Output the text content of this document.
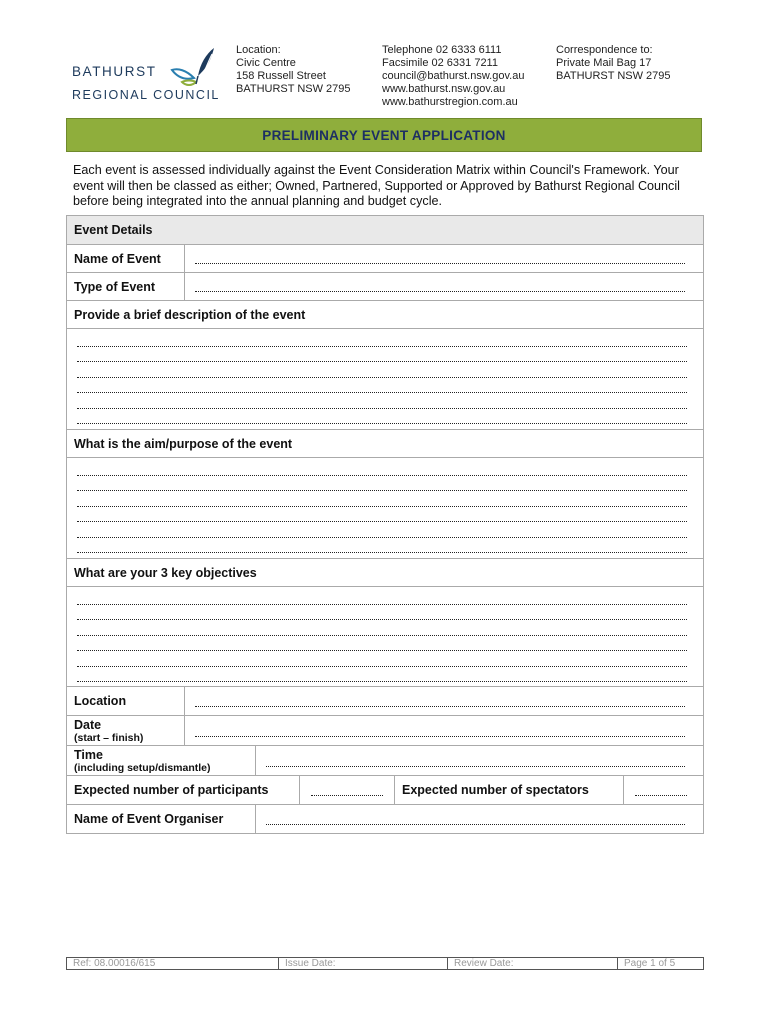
BATHURST
REGIONAL COUNCIL
Location:
Civic Centre
158 Russell Street
BATHURST NSW 2795
Telephone 02 6333 6111
Facsimile 02 6331 7211
council@bathurst.nsw.gov.au
www.bathurst.nsw.gov.au
www.bathurstregion.com.au
Correspondence to:
Private Mail Bag 17
BATHURST NSW 2795
PRELIMINARY EVENT APPLICATION
Each event is assessed individually against the Event Consideration Matrix within Council's Framework. Your event will then be classed as either; Owned, Partnered, Supported or Approved by Bathurst Regional Council before being integrated into the annual planning and budget cycle.
Event Details
Name of Event
Type of Event
Provide a brief description of the event
What is the aim/purpose of the event
What are your 3 key objectives
Location
Date
(start – finish)
Time
(including setup/dismantle)
Expected number of participants	Expected number of spectators
Name of Event Organiser
Ref: 08.00016/615	Issue Date:	Review Date:	Page 1 of 5
